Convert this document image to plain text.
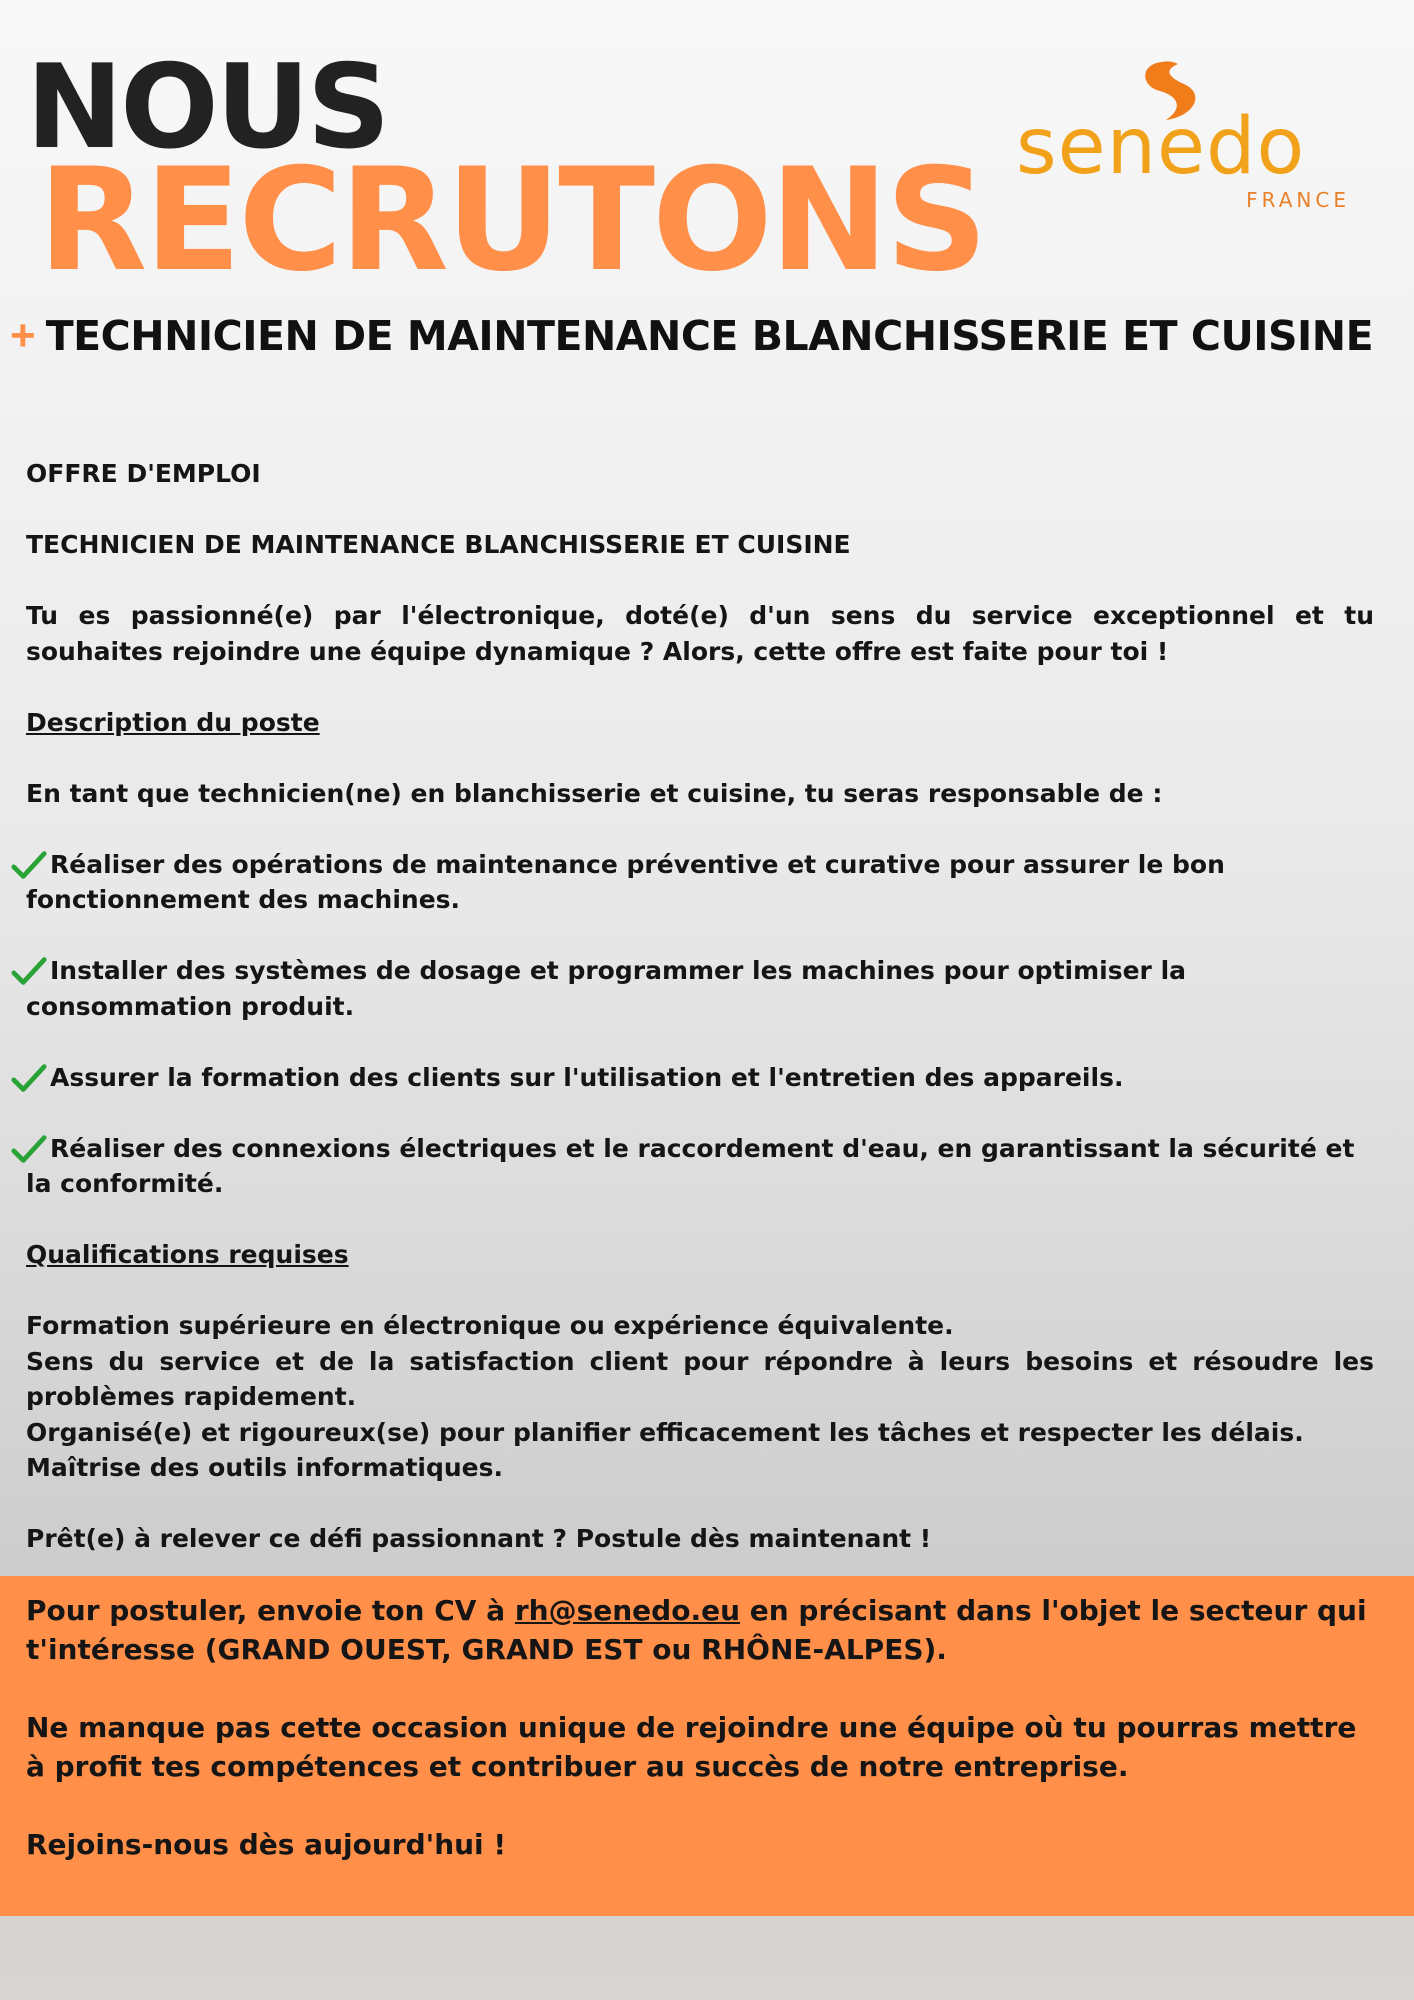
NOUS
RECRUTONS senedo
FRANCE
+ TECHNICIEN DE MAINTENANCE BLANCHISSERIE ET CUISINE

OFFRE D'EMPLOI

TECHNICIEN DE MAINTENANCE BLANCHISSERIE ET CUISINE

Tu es passionné(e) par l'électronique, doté(e) d'un sens du service exceptionnel et tu souhaites rejoindre une équipe dynamique ? Alors, cette offre est faite pour toi !

Description du poste

En tant que technicien(ne) en blanchisserie et cuisine, tu seras responsable de :

Réaliser des opérations de maintenance préventive et curative pour assurer le bon fonctionnement des machines.

Installer des systèmes de dosage et programmer les machines pour optimiser la consommation produit.

Assurer la formation des clients sur l'utilisation et l'entretien des appareils.

Réaliser des connexions électriques et le raccordement d'eau, en garantissant la sécurité et la conformité.

Qualifications requises

Formation supérieure en électronique ou expérience équivalente.

Sens du service et de la satisfaction client pour répondre à leurs besoins et résoudre les problèmes rapidement.

Organisé(e) et rigoureux(se) pour planifier efficacement les tâches et respecter les délais.

Maîtrise des outils informatiques.

Prêt(e) à relever ce défi passionnant ? Postule dès maintenant !

Pour postuler, envoie ton CV à rh@senedo.eu en précisant dans l'objet le secteur qui t'intéresse (GRAND OUEST, GRAND EST ou RHÔNE-ALPES).

Ne manque pas cette occasion unique de rejoindre une équipe où tu pourras mettre à profit tes compétences et contribuer au succès de notre entreprise.

Rejoins-nous dès aujourd'hui !
